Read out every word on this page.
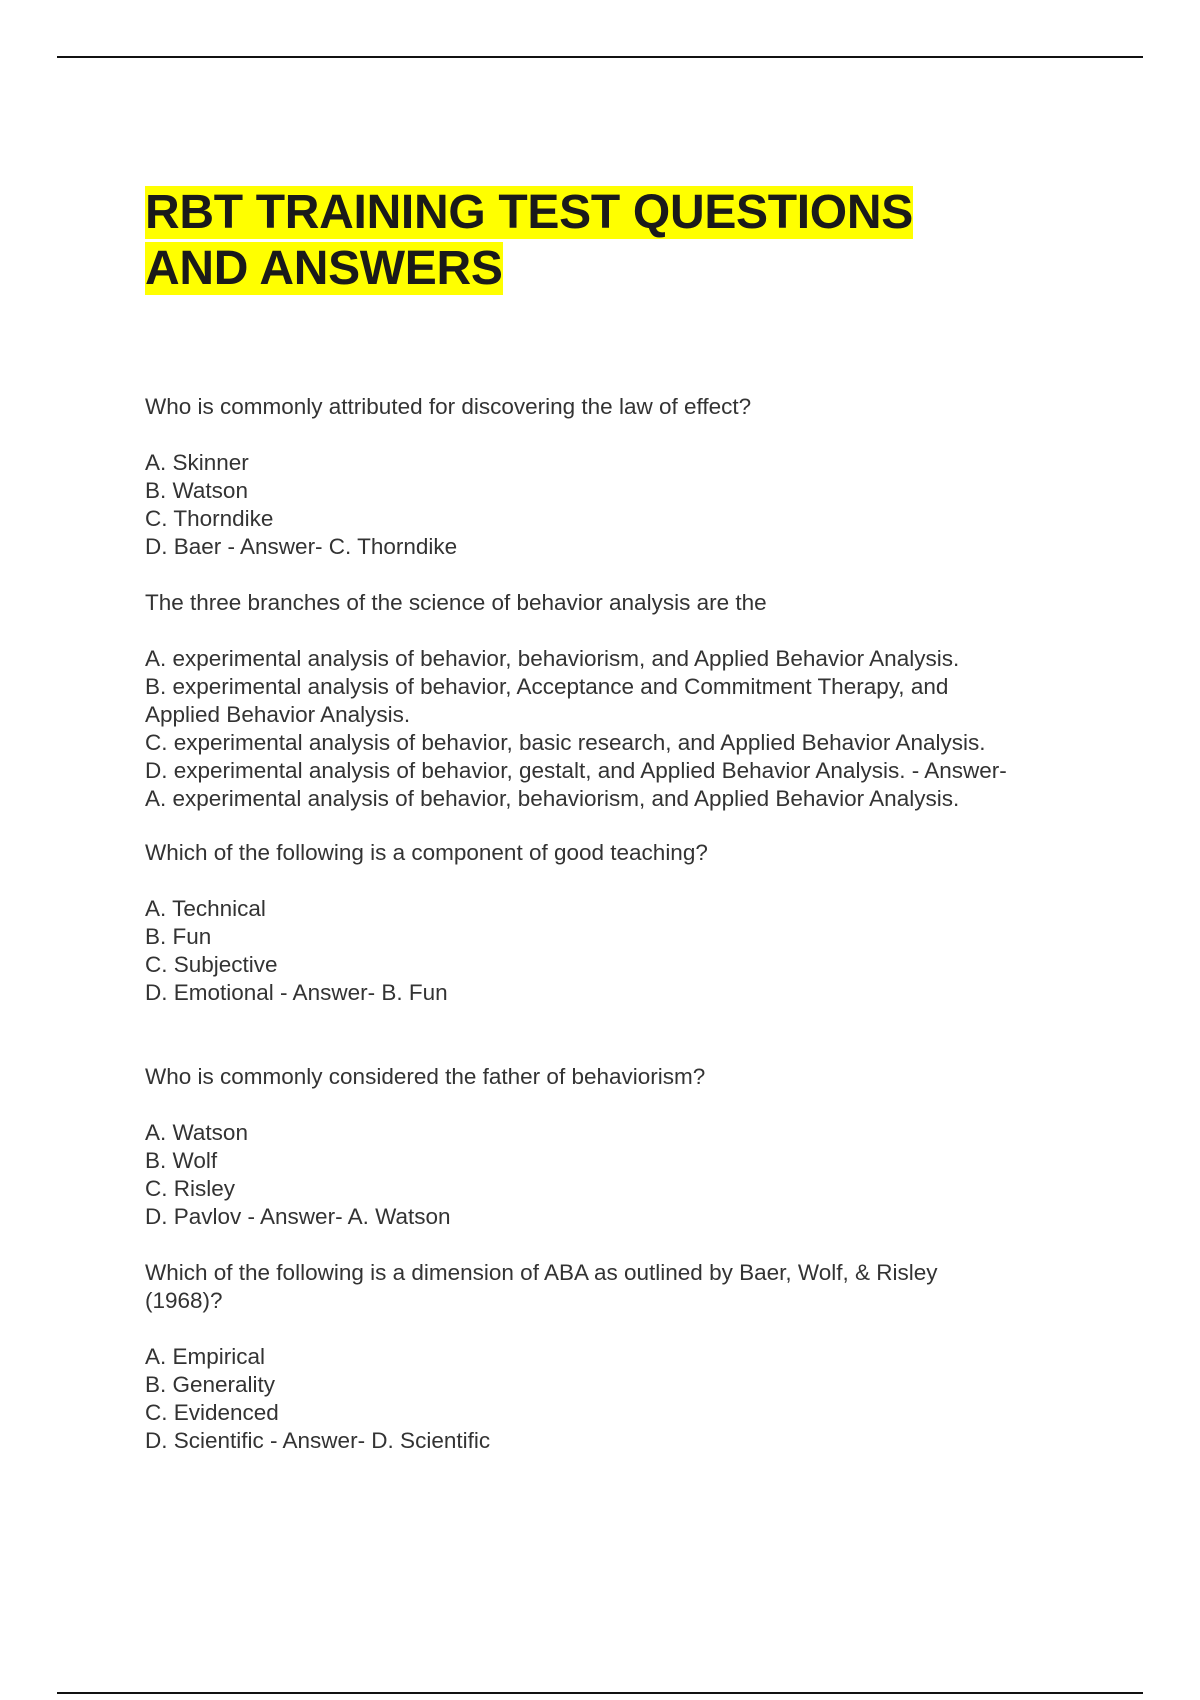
RBT TRAINING TEST QUESTIONS
AND ANSWERS
Who is commonly attributed for discovering the law of effect?
A. Skinner
B. Watson
C. Thorndike
D. Baer - Answer- C. Thorndike
The three branches of the science of behavior analysis are the
A. experimental analysis of behavior, behaviorism, and Applied Behavior Analysis.
B. experimental analysis of behavior, Acceptance and Commitment Therapy, and
Applied Behavior Analysis.
C. experimental analysis of behavior, basic research, and Applied Behavior Analysis.
D. experimental analysis of behavior, gestalt, and Applied Behavior Analysis. - Answer-
A. experimental analysis of behavior, behaviorism, and Applied Behavior Analysis.
Which of the following is a component of good teaching?
A. Technical
B. Fun
C. Subjective
D. Emotional - Answer- B. Fun
Who is commonly considered the father of behaviorism?
A. Watson
B. Wolf
C. Risley
D. Pavlov - Answer- A. Watson
Which of the following is a dimension of ABA as outlined by Baer, Wolf, & Risley
(1968)?
A. Empirical
B. Generality
C. Evidenced
D. Scientific - Answer- D. Scientific
